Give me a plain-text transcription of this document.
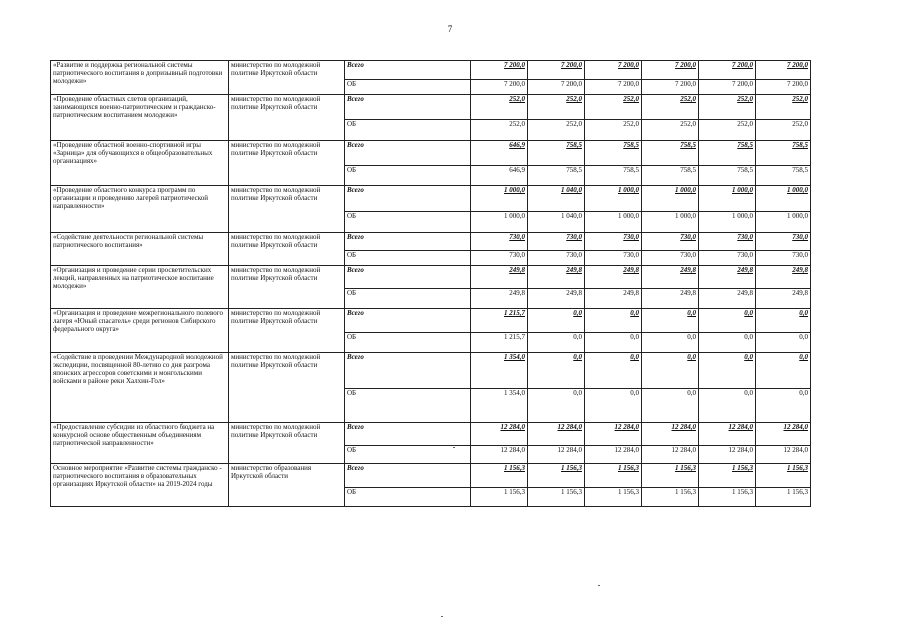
7
«Развитие и поддержка региональной системы патриотического воспитания в допризывный подготовки молодежи»	министерство по молодежной политике Иркутской области	Всего	7 200,0	7 200,0	7 200,0	7 200,0	7 200,0	7 200,0
		ОБ	7 200,0	7 200,0	7 200,0	7 200,0	7 200,0	7 200,0
«Проведение областных слетов организаций, занимающихся военно-патриотическим и гражданско-патриотическим воспитанием молодежи»	министерство по молодежной политике Иркутской области	Всего	252,0	252,0	252,0	252,0	252,0	252,0
		ОБ	252,0	252,0	252,0	252,0	252,0	252,0
«Проведение областной военно-спортивной игры «Зарница» для обучающихся в общеобразовательных организациях»	министерство по молодежной политике Иркутской области	Всего	646,9	758,5	758,5	758,5	758,5	758,5
		ОБ	646,9	758,5	758,5	758,5	758,5	758,5
«Проведение областного конкурса программ по организации и проведению лагерей патриотической направленности»	министерство по молодежной политике Иркутской области	Всего	1 000,0	1 040,0	1 000,0	1 000,0	1 000,0	1 000,0
		ОБ	1 000,0	1 040,0	1 000,0	1 000,0	1 000,0	1 000,0
«Содействие деятельности региональной системы патриотического воспитания»	министерство по молодежной политике Иркутской области	Всего	730,0	730,0	730,0	730,0	730,0	730,0
		ОБ	730,0	730,0	730,0	730,0	730,0	730,0
«Организация и проведение серии просветительских лекций, направленных на патриотическое воспитание молодежи»	министерство по молодежной политике Иркутской области	Всего	249,8	249,8	249,8	249,8	249,8	249,8
		ОБ	249,8	249,8	249,8	249,8	249,8	249,8
«Организация и проведение межрегионального полевого лагеря «Юный спасатель» среди регионов Сибирского федерального округа»	министерство по молодежной политике Иркутской области	Всего	1 215,7	0,0	0,0	0,0	0,0	0,0
		ОБ	1 215,7	0,0	0,0	0,0	0,0	0,0
«Содействие в проведении Международной молодежной экспедиции, посвященной 80-летию со дня разгрома японских агрессоров советскими и монгольскими войсками в районе реки Халхин-Гол»	министерство по молодежной политике Иркутской области	Всего	1 354,0	0,0	0,0	0,0	0,0	0,0
		ОБ	1 354,0	0,0	0,0	0,0	0,0	0,0
«Предоставление субсидии из областного бюджета на конкурсной основе общественным объединениям патриотической направленности»	министерство по молодежной политике Иркутской области	Всего	12 284,0	12 284,0	12 284,0	12 284,0	12 284,0	12 284,0
		ОБ	12 284,0	12 284,0	12 284,0	12 284,0	12 284,0	12 284,0
Основное мероприятие «Развитие системы гражданско - патриотического воспитания в образовательных организациях Иркутской области» на 2019-2024 годы	министерство образования Иркутской области	Всего	1 156,3	1 156,3	1 156,3	1 156,3	1 156,3	1 156,3
		ОБ	1 156,3	1 156,3	1 156,3	1 156,3	1 156,3	1 156,3
